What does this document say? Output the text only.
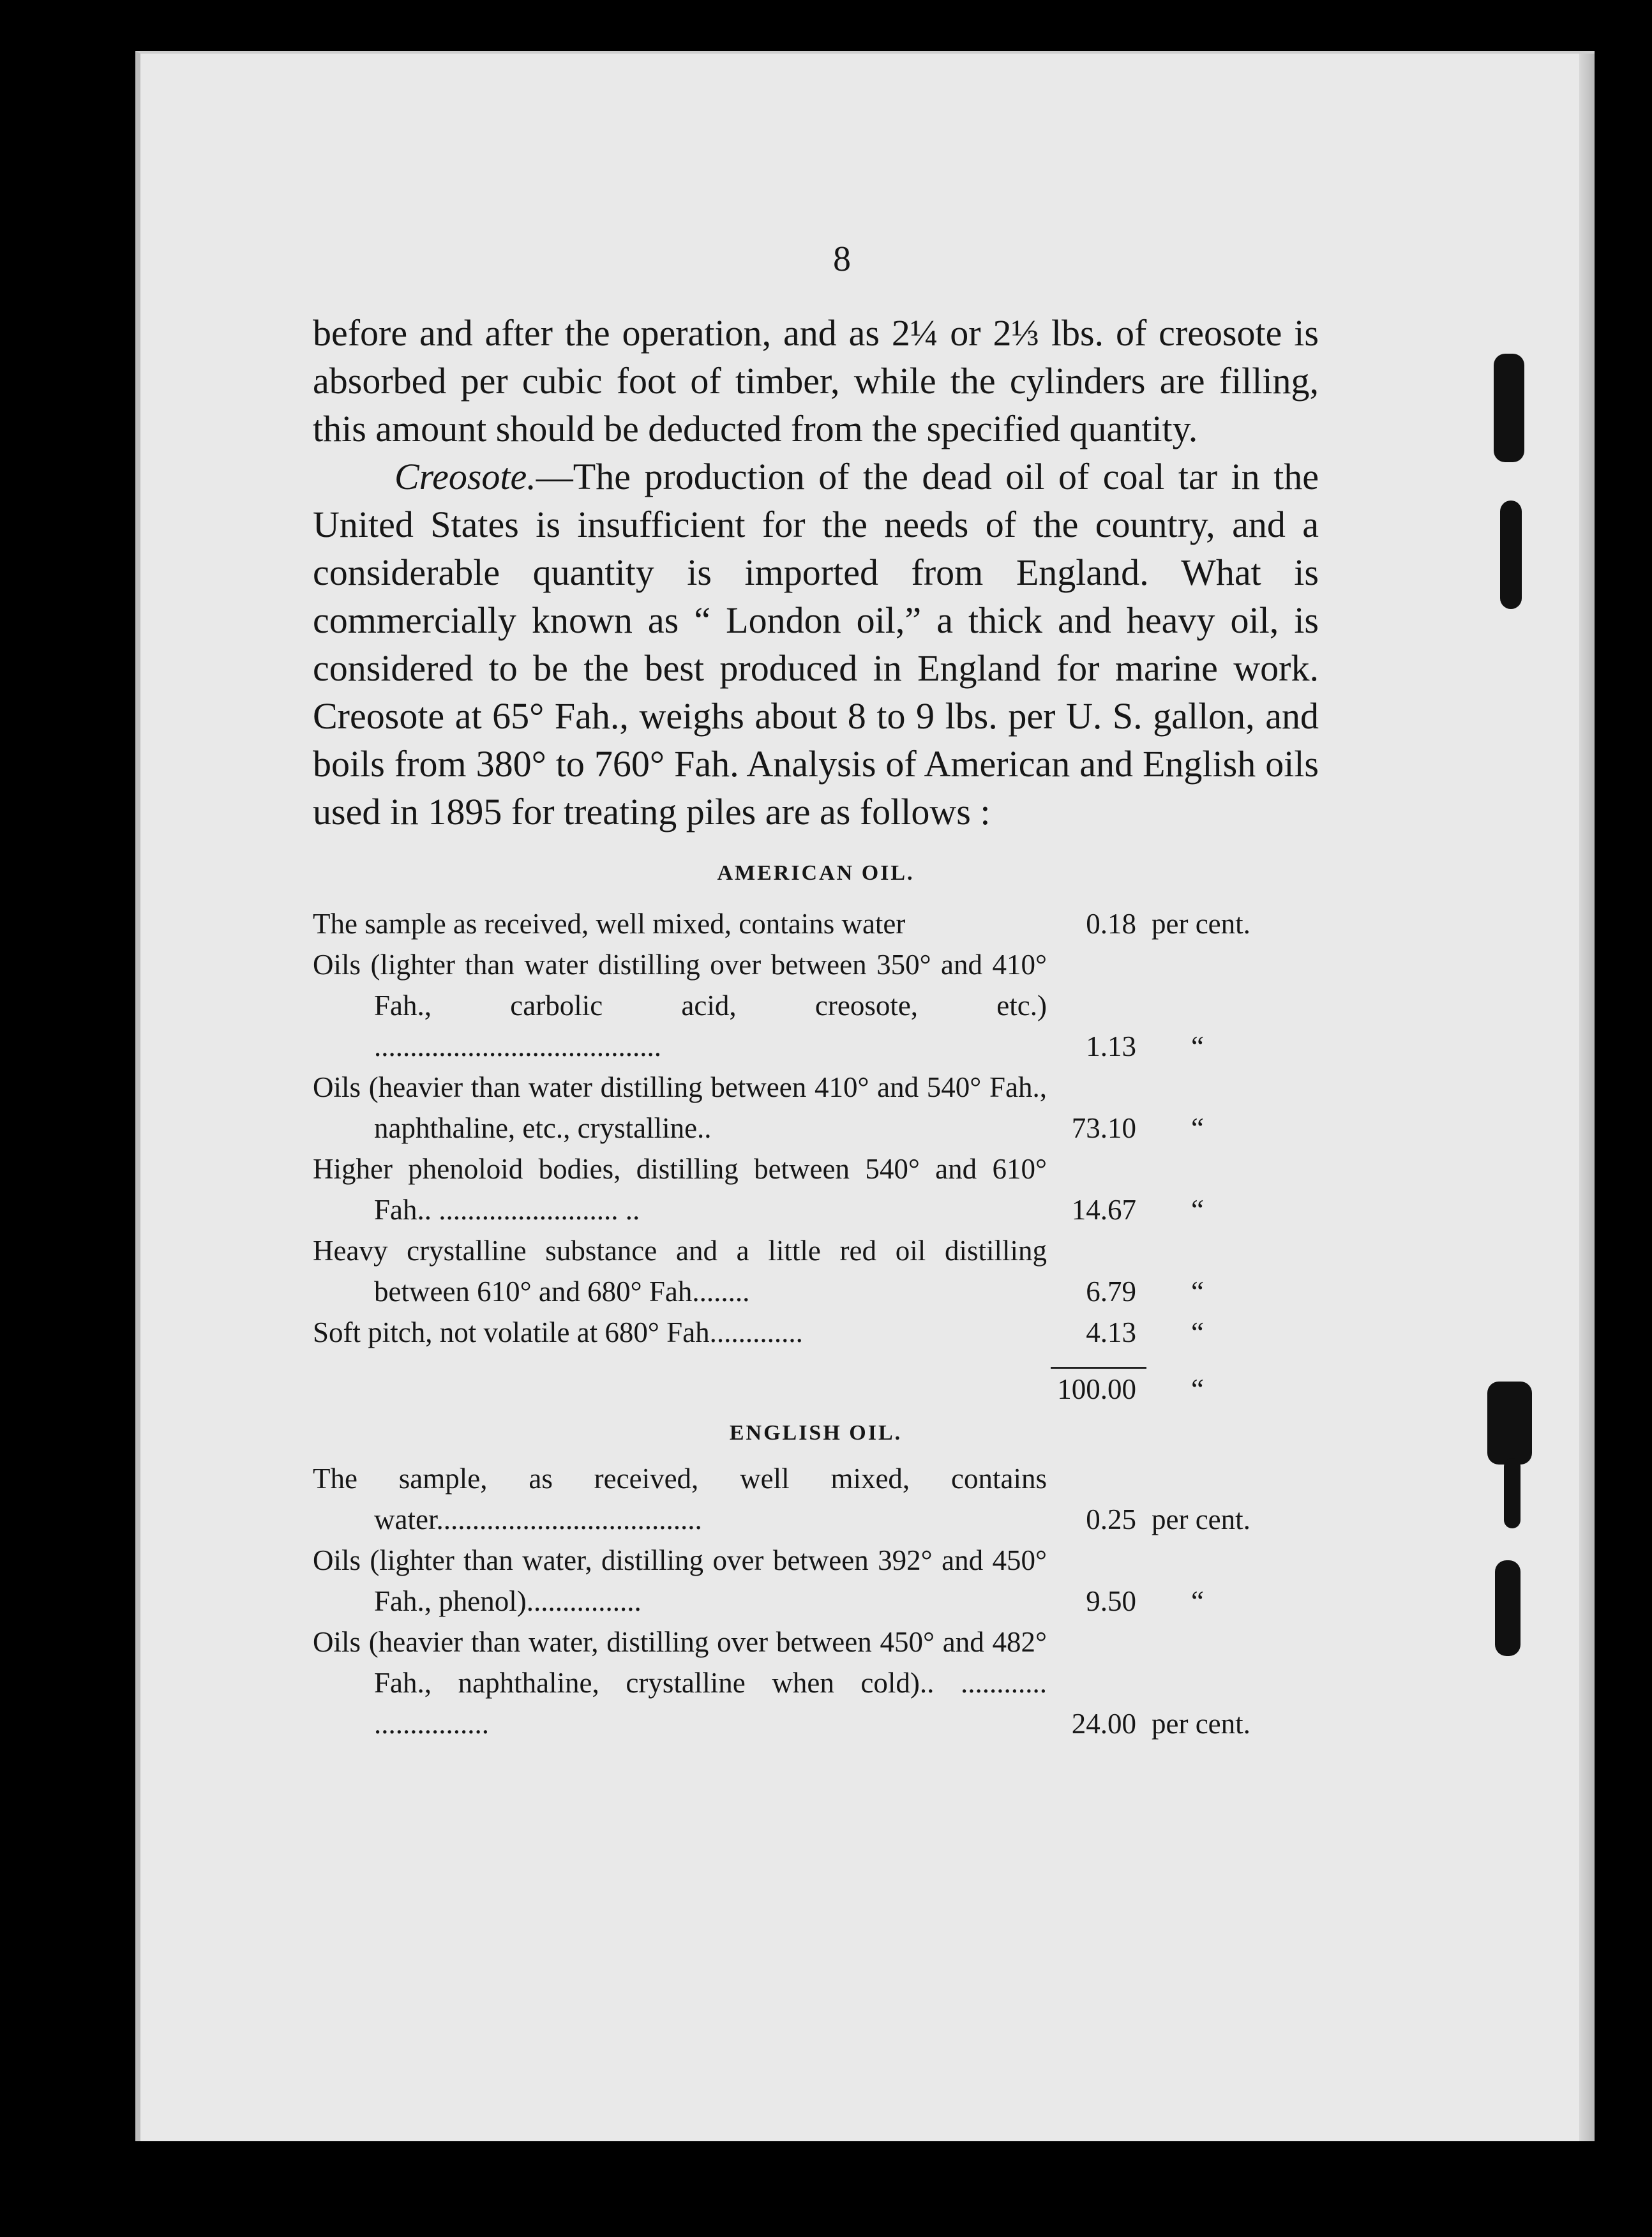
8

before and after the operation, and as 2¼ or 2⅓ lbs. of creosote is absorbed per cubic foot of timber, while the cylinders are filling, this amount should be deducted from the specified quantity.

Creosote.—The production of the dead oil of coal tar in the United States is insufficient for the needs of the country, and a considerable quantity is imported from England. What is commercially known as “ London oil,” a thick and heavy oil, is considered to be the best produced in England for marine work. Creosote at 65° Fah., weighs about 8 to 9 lbs. per U. S. gallon, and boils from 380° to 760° Fah. Analysis of American and English oils used in 1895 for treating piles are as follows :

AMERICAN OIL.
The sample as received, well mixed, contains water	0.18 per cent.
Oils (lighter than water distilling over between 350° and 410° Fah., carbolic acid, creosote, etc.) ........................................	1.13	“
Oils (heavier than water distilling between 410° and 540° Fah., naphthaline, etc., crystalline..	73.10	“
Higher phenoloid bodies, distilling between 540° and 610° Fah.. ......................... ..	14.67	“
Heavy crystalline substance and a little red oil distilling between 610° and 680° Fah........	6.79	“
Soft pitch, not volatile at 680° Fah.............	4.13	“
100.00	“
ENGLISH OIL.
The sample, as received, well mixed, contains water.....................................	0.25 per cent.
Oils (lighter than water, distilling over between 392° and 450° Fah., phenol)................	9.50	“
Oils (heavier than water, distilling over between 450° and 482° Fah., naphthaline, crystalline when cold).. ............ ................	24.00 per cent.
